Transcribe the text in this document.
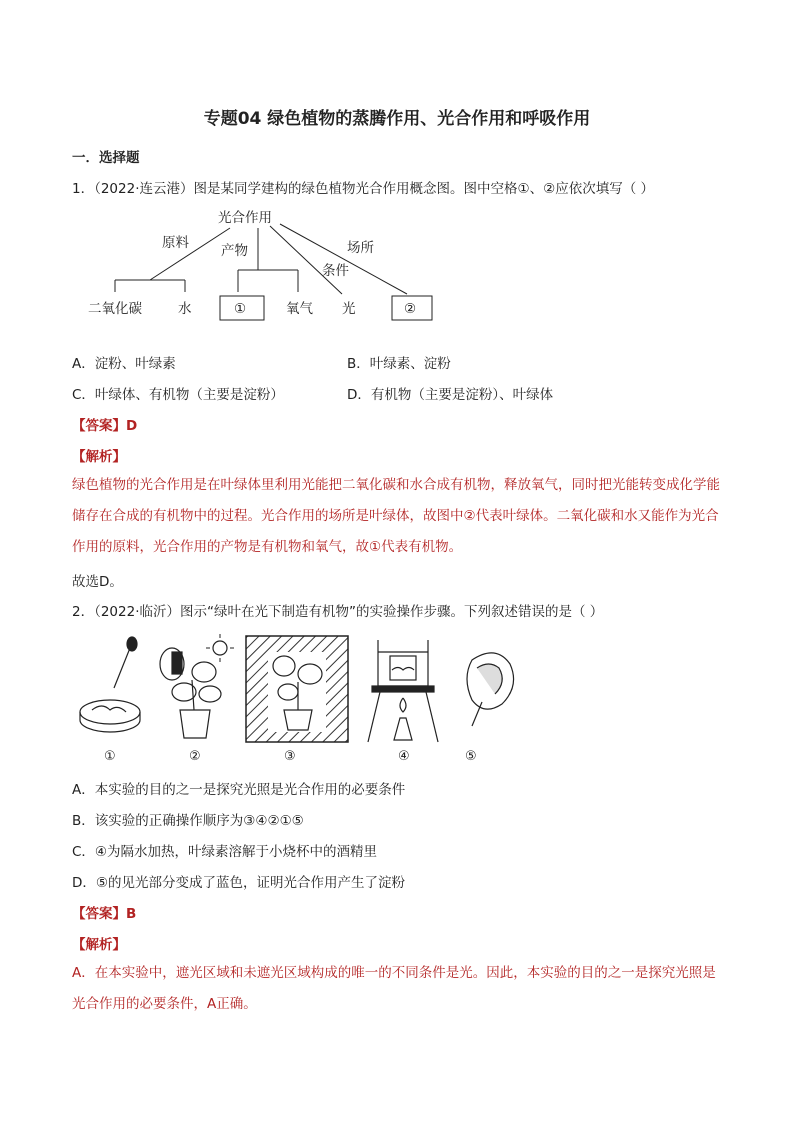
专题04 绿色植物的蒸腾作用、光合作用和呼吸作用
一．选择题
1．（2022·连云港）图是某同学建构的绿色植物光合作用概念图。图中空格①、②应依次填写（ ）
光合作用
原料 产物	场所
条件
二氧化碳	水	①	氧气 光	②
A．淀粉、叶绿素	B．叶绿素、淀粉
C．叶绿体、有机物（主要是淀粉）	D．有机物（主要是淀粉）、叶绿体
【答案】D
【解析】
绿色植物的光合作用是在叶绿体里利用光能把二氧化碳和水合成有机物，释放氧气，同时把光能转变成化学能储存在合成的有机物中的过程。光合作用的场所是叶绿体，故图中②代表叶绿体。二氧化碳和水又能作为光合作用的原料，光合作用的产物是有机物和氧气，故①代表有机物。
故选D。
2．（2022·临沂）图示“绿叶在光下制造有机物”的实验操作步骤。下列叙述错误的是（ ）
①	②	③	④	⑤
A．本实验的目的之一是探究光照是光合作用的必要条件
B．该实验的正确操作顺序为③④②①⑤
C．④为隔水加热，叶绿素溶解于小烧杯中的酒精里
D．⑤的见光部分变成了蓝色，证明光合作用产生了淀粉
【答案】B
【解析】
A．在本实验中，遮光区域和未遮光区域构成的唯一的不同条件是光。因此，本实验的目的之一是探究光照是光合作用的必要条件，A正确。
